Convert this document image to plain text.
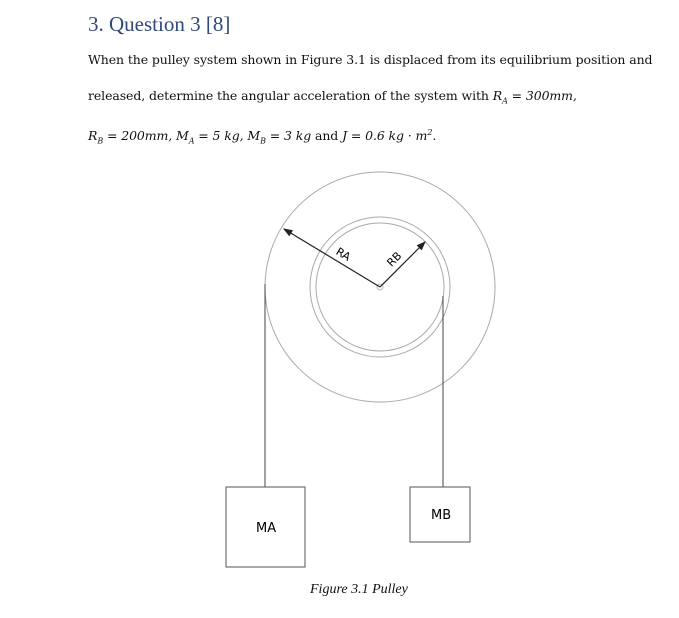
3. Question 3 [8]
When the pulley system shown in Figure 3.1 is displaced from its equilibrium position and
released, determine the angular acceleration of the system with $R_A = 300mm$,
$R_B = 200mm$, $M_A = 5$ kg, $M_B = 3$ kg and J = 0.6 kg · $m^2$.
RA	RB
MA
MB
Figure 3.1 Pulley
